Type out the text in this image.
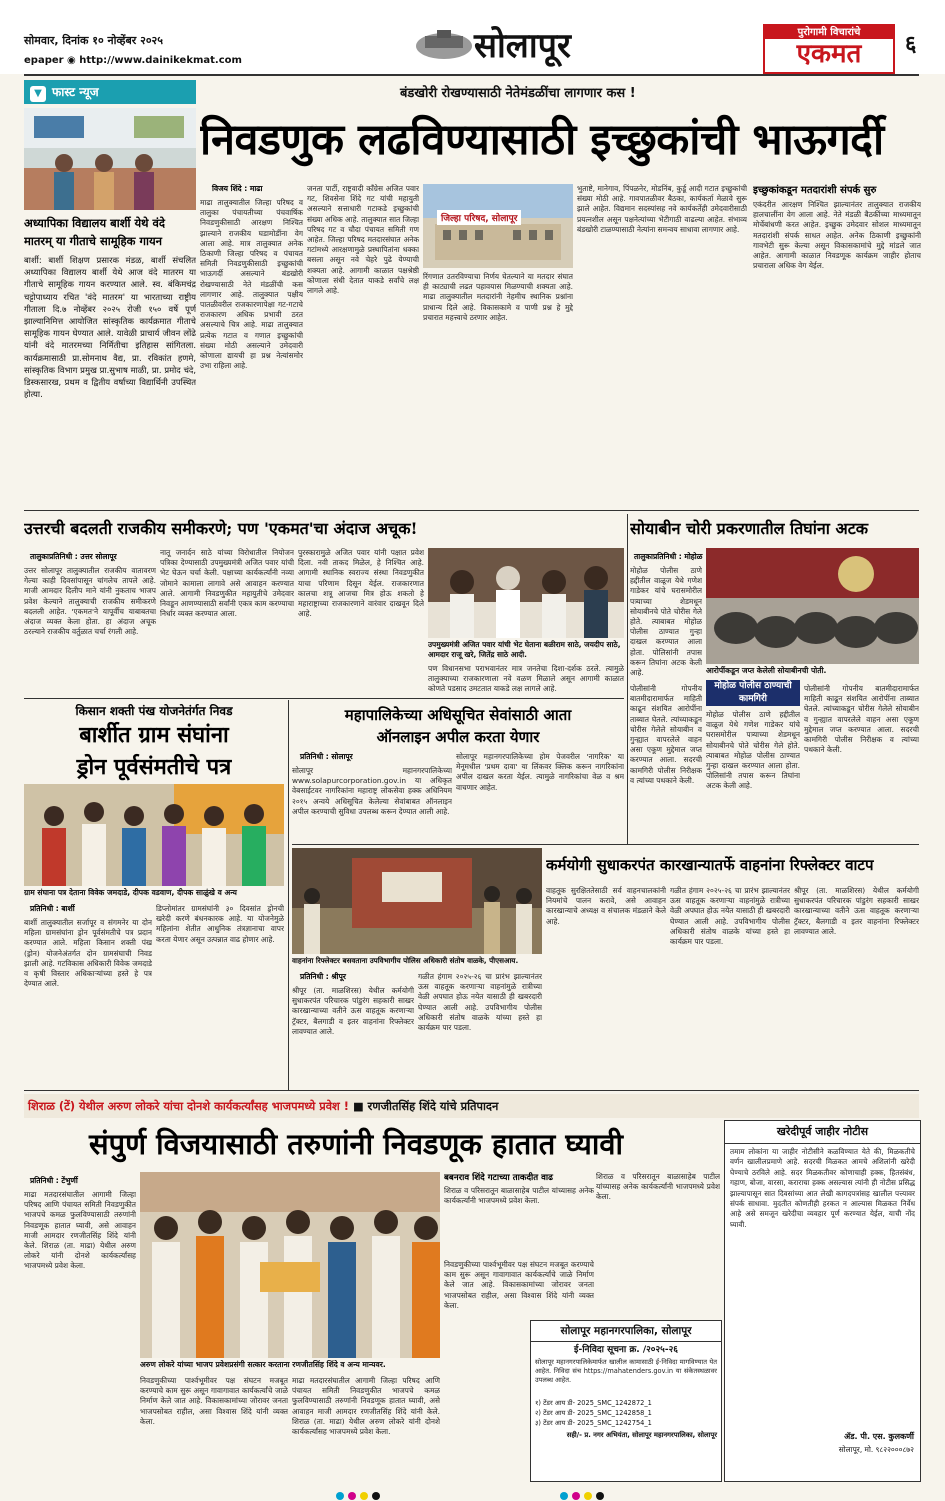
सोमवार, दिनांक १० नोव्हेंबर २०२५	सोलापूर	पुरोगामी विचारांचे
एकमत	६
epaper ◉ http://www.dainikekmat.com
▼ फास्ट न्यूज
अध्यापिका विद्यालय बार्शी येथे वंदे मातरम् या गीताचे सामूहिक गायन
बार्शी: बार्शी शिक्षण प्रसारक मंडळ, बार्शी संचलित अध्यापिका विद्यालय बार्शी येथे आज वंदे मातरम या गीताचे सामूहिक गायन करण्यात आले. स्व. बंकिमचंद्र चट्टोपाध्याय रचित 'वंदे मातरम' या भारताच्या राष्ट्रीय गीताला दि.७ नोव्हेंबर २०२५ रोजी १५० वर्षे पूर्ण झाल्यानिमित्त आयोजित सांस्कृतिक कार्यक्रमात गीताचे सामूहिक गायन घेण्यात आले. यावेळी प्राचार्य जीवन लोंढे यांनी वंदे मातरमच्या निर्मितीचा इतिहास सांगितला. कार्यक्रमासाठी प्रा.सोमनाथ वैद्य, प्रा. रविकांत हणमे, सांस्कृतिक विभाग प्रमुख प्रा.सुभाष माळी, प्रा. प्रमोद चंदे, डिस्कसारख, प्रथम व द्वितीय वर्षाच्या विद्यार्थिनी उपस्थित होत्या.
बंडखोरी रोखण्यासाठी नेतेमंडळींचा लागणार कस !
निवडणुक लढविण्यासाठी इच्छुकांची भाऊगर्दी
विजय शिंदे : माढा
माढा तालुक्यातील जिल्हा परिषद व तालुका पंचायतीच्या पंचवार्षिक निवडणुकीसाठी आरक्षण निश्चित झाल्याने राजकीय घडामोडींना वेग आला आहे. मात्र तालुक्यात अनेक ठिकाणी जिल्हा परिषद व पंचायत समिती निवडणुकीसाठी इच्छुकांची भाऊगर्दी असल्याने बंडखोरी रोखण्यासाठी नेते मंडळींची कस लागणार आहे. तालुक्यात पक्षीय पातळीवरील राजकारणापेक्षा गट-गटाचे राजकारण अधिक प्रभावी ठरत असल्याचे चित्र आहे. माढा तालुक्यात प्रत्येक गटात व गणात इच्छुकांची संख्या मोठी असल्याने उमेदवारी कोणाला द्यायची हा प्रश्न नेत्यांसमोर उभा राहिला आहे.
जनता पार्टी, राष्ट्रवादी काँग्रेस अजित पवार गट, शिवसेना शिंदे गट यांची महायुती असल्याने सत्ताधारी गटाकडे इच्छुकांची संख्या अधिक आहे. तालुक्यात सात जिल्हा परिषद गट व चौदा पंचायत समिती गण आहेत. जिल्हा परिषद मतदारसंघात अनेक गटांमध्ये आरक्षणामुळे प्रस्थापितांना धक्का बसला असून नवे चेहरे पुढे येण्याची शक्यता आहे. आगामी काळात पक्षश्रेष्ठी कोणाला संधी देतात याकडे सर्वांचे लक्ष लागले आहे.
जिल्हा परिषद, सोलापूर
रिंगणात उतरविण्याचा निर्णय घेतल्याने या मतदार संघात ही काट्याची लढत पहावयास मिळण्याची शक्यता आहे. माढा तालुक्यातील मतदारांनी नेहमीच स्थानिक प्रश्नांना प्राधान्य दिले आहे. विकासकामे व पाणी प्रश्न हे मुद्दे प्रचारात महत्त्वाचे ठरणार आहेत.
भुताष्टे, मानेगाव, पिंपळनेर, मोडनिंब, कुर्डू आदी गटात इच्छुकांची संख्या मोठी आहे. गावपातळीवर बैठका, कार्यकर्ता मेळावे सुरू झाले आहेत. विद्यमान सदस्यांसह नवे कार्यकर्तेही उमेदवारीसाठी प्रयत्नशील असून पक्षनेत्यांच्या भेटीगाठी वाढल्या आहेत. संभाव्य बंडखोरी टाळण्यासाठी नेत्यांना समन्वय साधावा लागणार आहे.
इच्छुकांकडून मतदारांशी संपर्क सुरु
एकंदरीत आरक्षण निश्चित झाल्यानंतर तालुक्यात राजकीय हालचालींना वेग आला आहे. नेते मंडळी बैठकींच्या माध्यमातून मोर्चेबांधणी करत आहेत. इच्छुक उमेदवार सोशल माध्यमातून मतदारांशी संपर्क साधत आहेत. अनेक ठिकाणी इच्छुकांनी गावभेटी सुरू केल्या असून विकासकामांचे मुद्दे मांडले जात आहेत. आगामी काळात निवडणूक कार्यक्रम जाहीर होताच प्रचाराला अधिक वेग येईल.
उत्तरची बदलती राजकीय समीकरणे; पण 'एकमत'चा अंदाज अचूक!
तालुकाप्रतिनिधी : उत्तर सोलापूर
उत्तर सोलापूर तालुक्यातील राजकीय वातावरण गेल्या काही दिवसांपासून चांगलेच तापले आहे. माजी आमदार दिलीप माने यांनी नुकताच भाजप प्रवेश केल्याने तालुक्याची राजकीय समीकरणे बदलली आहेत. 'एकमत'ने यापूर्वीच याबाबतचा अंदाज व्यक्त केला होता. हा अंदाज अचूक ठरल्याने राजकीय वर्तुळात चर्चा रंगली आहे.
नातू जनार्दन साठे यांच्या विरोधातील नियोजन पत्रिका देण्यासाठी उपमुख्यमंत्री अजित पवार यांची भेट घेऊन चर्चा केली. पक्षाच्या कार्यकर्त्यांनी नव्या जोमाने कामाला लागावे असे आवाहन करण्यात आले. आगामी निवडणुकीत महायुतीचे उमेदवार निवडून आणण्यासाठी सर्वांनी एकत्र काम करण्याचा निर्धार व्यक्त करण्यात आला.
पुरस्कारामुळे अजित पवार यांनी पक्षात प्रवेश दिला. नवी ताकद मिळेल, हे निश्चित आहे. आगामी स्थानिक स्वराज्य संस्था निवडणुकीत याचा परिणाम दिसून येईल. राजकारणात कालचा शत्रू आजचा मित्र होऊ शकतो हे महाराष्ट्राच्या राजकारणाने वारंवार दाखवून दिले आहे.
उपमुख्यमंत्री अजित पवार यांची भेट घेताना बळीराम साठे, जयदीप साठे, आमदार राजू खरे, जितेंद्र साठे आदी.
पण विधानसभा पराभवानंतर मात्र जनतेचा दिशा-दर्शक ठरले. त्यामुळे तालुक्याच्या राजकारणाला नवे वळण मिळाले असून आगामी काळात कोणते पडसाद उमटतात याकडे लक्ष लागले आहे.
सोयाबीन चोरी प्रकरणातील तिघांना अटक
तालुकाप्रतिनिधी : मोहोळ
मोहोळ पोलीस ठाणे हद्दीतील वाळूज येथे गणेश गाडेकर यांचे घरासमोरील पत्र्याच्या शेडमधून सोयाबीनचे पोते चोरीस गेले होते. त्याबाबत मोहोळ पोलीस ठाण्यात गुन्हा दाखल करण्यात आला होता. पोलिसांनी तपास करून तिघांना अटक केली आहे.	आरोपींकडून जप्त केलेली सोयाबीनची पोती.
मोहोळ पोलीस ठाण्याची कामगिरी
पोलीसांनी गोपनीय बातमीदारामार्फत माहिती काढून संशयित आरोपींना ताब्यात घेतले. त्यांच्याकडून चोरीस गेलेले सोयाबीन व गुन्ह्यात वापरलेले वाहन असा एकूण मुद्देमाल जप्त करण्यात आला. सदरची कामगिरी पोलीस निरीक्षक व त्यांच्या पथकाने केली.
पोलीसांनी गोपनीय बातमीदारामार्फत माहिती काढून संशयित आरोपींना ताब्यात घेतले. त्यांच्याकडून चोरीस गेलेले सोयाबीन व गुन्ह्यात वापरलेले वाहन असा एकूण मुद्देमाल जप्त करण्यात आला. सदरची कामगिरी पोलीस निरीक्षक व त्यांच्या पथकाने केली.
मोहोळ पोलीस ठाणे हद्दीतील वाळूज येथे गणेश गाडेकर यांचे घरासमोरील पत्र्याच्या शेडमधून सोयाबीनचे पोते चोरीस गेले होते. त्याबाबत मोहोळ पोलीस ठाण्यात गुन्हा दाखल करण्यात आला होता. पोलिसांनी तपास करून तिघांना अटक केली आहे.
किसान शक्ती पंख योजनेतंर्गत निवड
बार्शीत ग्राम संघांना
ड्रोन पूर्वसंमतीचे पत्र
ग्राम संघाना पत्र देताना विवेक जमदाडे, दीपक वडवाण, दीपक साळुंखे व अन्य
प्रतिनिधी : बार्शी
बार्शी तालुक्यातील सर्जापूर व संगमनेर या दोन महिला ग्रामसंघांना ड्रोन पूर्वसंमतीचे पत्र प्रदान करण्यात आले. महिला किसान शक्ती पंख (ड्रोन) योजनेअंतर्गत दोन ग्रामसंघाची निवड झाली आहे. गटविकास अधिकारी विवेक जमदाडे व कृषी विस्तार अधिकाऱ्यांच्या हस्ते हे पत्र देण्यात आले.
डिप्लोमांतर ग्रामसंघांनी ३० दिवसांत ड्रोनची खरेदी करणे बंधनकारक आहे. या योजनेमुळे महिलांना शेतीत आधुनिक तंत्रज्ञानाचा वापर करता येणार असून उत्पन्नात वाढ होणार आहे.
महापालिकेच्या अधिसूचित सेवांसाठी आता
ऑनलाइन अपील करता येणार
प्रतिनिधी : सोलापूर
सोलापूर महानगरपालिकेच्या www.solapurcorporation.gov.in या अधिकृत वेबसाईटवर नागरिकांना महाराष्ट्र लोकसेवा हक्क अधिनियम २०१५ अन्वये अधिसूचित केलेल्या सेवांबाबत ऑनलाइन अपील करण्याची सुविधा उपलब्ध करून देण्यात आली आहे.
सोलापूर महानगरपालिकेच्या होम पेजवरील 'नागरिक' या मेनूमधील 'प्रथम दावा' या लिंकवर क्लिक करून नागरिकांना अपील दाखल करता येईल. त्यामुळे नागरिकांचा वेळ व श्रम वाचणार आहेत.
वाहनांना रिफ्लेक्टर बसवताना उपविभागीय पोलिस अधिकारी संतोष वाळके, पीएसआय.
कर्मयोगी सुधाकरपंत कारखान्यातर्फे वाहनांना रिफ्लेक्टर वाटप
प्रतिनिधी : श्रीपूर
श्रीपूर (ता. माळशिरस) येथील कर्मयोगी सुधाकरपंत परिचारक पांडुरंग सहकारी साखर कारखान्याच्या वतीने ऊस वाहतूक करणाऱ्या ट्रॅक्टर, बैलगाडी व इतर वाहनांना रिफ्लेक्टर लावण्यात आले.
गळीत हंगाम २०२५-२६ चा प्रारंभ झाल्यानंतर ऊस वाहतूक करणाऱ्या वाहनांमुळे रात्रीच्या वेळी अपघात होऊ नयेत यासाठी ही खबरदारी घेण्यात आली आहे. उपविभागीय पोलीस अधिकारी संतोष वाळके यांच्या हस्ते हा कार्यक्रम पार पडला.
वाहतूक सुरक्षिततेसाठी सर्व वाहनचालकांनी नियमांचे पालन करावे, असे आवाहन कारखान्याचे अध्यक्ष व संचालक मंडळाने केले आहे.
गळीत हंगाम २०२५-२६ चा प्रारंभ झाल्यानंतर ऊस वाहतूक करणाऱ्या वाहनांमुळे रात्रीच्या वेळी अपघात होऊ नयेत यासाठी ही खबरदारी घेण्यात आली आहे. उपविभागीय पोलीस अधिकारी संतोष वाळके यांच्या हस्ते हा कार्यक्रम पार पडला.
श्रीपूर (ता. माळशिरस) येथील कर्मयोगी सुधाकरपंत परिचारक पांडुरंग सहकारी साखर कारखान्याच्या वतीने ऊस वाहतूक करणाऱ्या ट्रॅक्टर, बैलगाडी व इतर वाहनांना रिफ्लेक्टर लावण्यात आले.
शिराळ (टें) येथील अरुण लोकरे यांचा दोनशे कार्यकर्त्यांसह भाजपमध्ये प्रवेश ! ■ रणजीतसिंह शिंदे यांचे प्रतिपादन
संपुर्ण विजयासाठी तरुणांनी निवडणूक हातात घ्यावी
प्रतिनिधी : टेंभुर्णी
माढा मतदारसंघातील आगामी जिल्हा परिषद आणि पंचायत समिती निवडणुकीत भाजपचे कमळ फुलविण्यासाठी तरुणांनी निवडणूक हातात घ्यावी, असे आवाहन माजी आमदार रणजीतसिंह शिंदे यांनी केले. शिराळ (ता. माढा) येथील अरुण लोकरे यांनी दोनशे कार्यकर्त्यांसह भाजपमध्ये प्रवेश केला.
बबनराव शिंदे गटाच्या ताकदीत वाढ
शिराळ व परिसरातून बाळासाहेब पाटील यांच्यासह अनेक कार्यकर्त्यांनी भाजपमध्ये प्रवेश केला.
अरुण लोकरे यांच्या भाजप प्रवेशप्रसंगी सत्कार करताना रणजीतसिंह शिंदे व अन्य मान्यवर.
निवडणुकीच्या पार्श्वभूमीवर पक्ष संघटन मजबूत करण्याचे काम सुरू असून गावागावात कार्यकर्त्यांचे जाळे निर्माण केले जात आहे. विकासकामांच्या जोरावर जनता भाजपसोबत राहील, असा विश्वास शिंदे यांनी व्यक्त केला.
माढा मतदारसंघातील आगामी जिल्हा परिषद आणि पंचायत समिती निवडणुकीत भाजपचे कमळ फुलविण्यासाठी तरुणांनी निवडणूक हातात घ्यावी, असे आवाहन माजी आमदार रणजीतसिंह शिंदे यांनी केले. शिराळ (ता. माढा) येथील अरुण लोकरे यांनी दोनशे कार्यकर्त्यांसह भाजपमध्ये प्रवेश केला.
निवडणुकीच्या पार्श्वभूमीवर पक्ष संघटन मजबूत करण्याचे काम सुरू असून गावागावात कार्यकर्त्यांचे जाळे निर्माण केले जात आहे. विकासकामांच्या जोरावर जनता भाजपसोबत राहील, असा विश्वास शिंदे यांनी व्यक्त केला.
शिराळ व परिसरातून बाळासाहेब पाटील यांच्यासह अनेक कार्यकर्त्यांनी भाजपमध्ये प्रवेश केला.
सोलापूर महानगरपालिका, सोलापूर
ई-निविदा सूचना क्र. /२०२५-२६
सोलापूर महानगरपालिकेमार्फत खालील कामासाठी ई-निविदा मागविण्यात येत आहेत. निविदा संच https://mahatenders.gov.in या संकेतस्थळावर उपलब्ध आहेत.
१) टेंडर आय डी- 2025_SMC_1242872_1
२) टेंडर आय डी- 2025_SMC_1242858_1
३) टेंडर आय डी- 2025_SMC_1242754_1
सही/- प्र. नगर अभियंता, सोलापूर महानगरपालिका, सोलापूर
खरेदीपूर्व जाहीर नोटीस
तमाम लोकांना या जाहीर नोटीसीने कळविण्यात येते की, मिळकतीचे वर्णन खालीलप्रमाणे आहे. सदरची मिळकत आमचे अशिलांनी खरेदी घेण्याचे ठरविले आहे. सदर मिळकतीवर कोणाचाही हक्क, हितसंबंध, गहाण, बोजा, वारसा, कराराचा हक्क असल्यास त्यांनी ही नोटीस प्रसिद्ध झाल्यापासून सात दिवसांच्या आत लेखी कागदपत्रांसह खालील पत्त्यावर संपर्क साधावा. मुदतीत कोणतीही हरकत न आल्यास मिळकत निर्वेध आहे असे समजून खरेदीचा व्यवहार पूर्ण करण्यात येईल, याची नोंद घ्यावी.
ॲड. पी. एस. कुलकर्णी
सोलापूर, मो. ९८२२०००८७२
